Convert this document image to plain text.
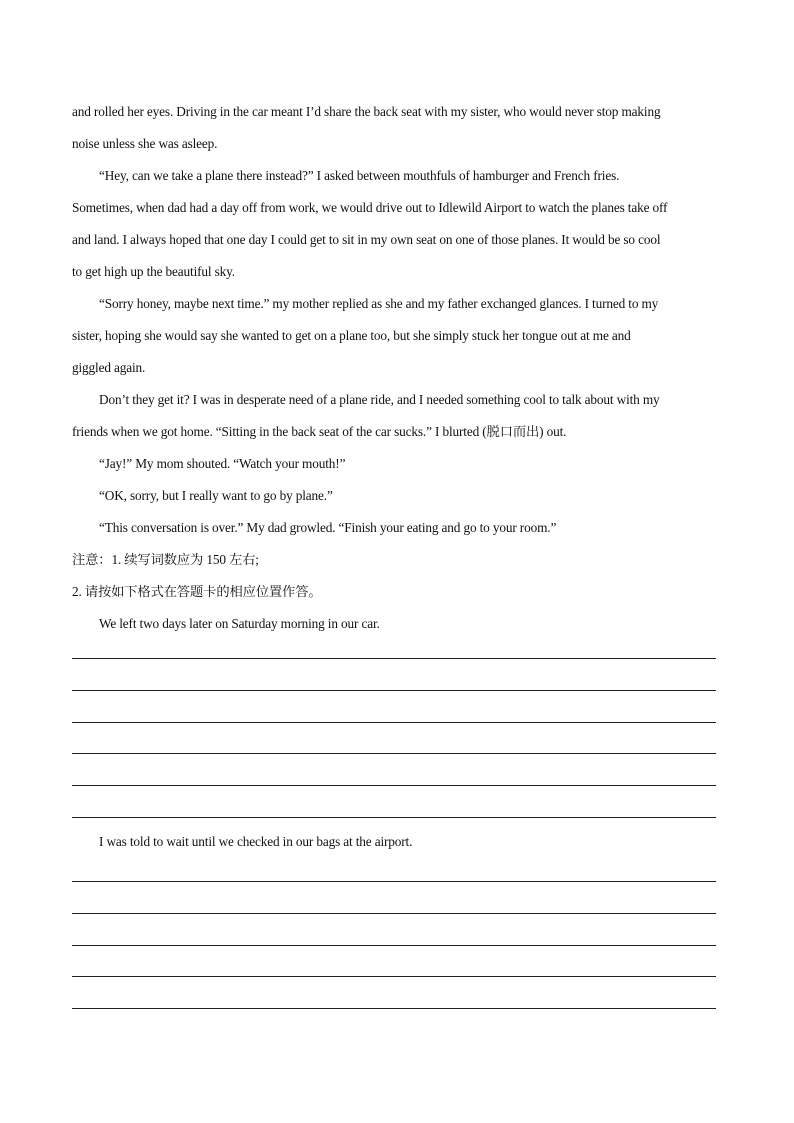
and rolled her eyes. Driving in the car meant I’d share the back seat with my sister, who would never stop making
noise unless she was asleep.
“Hey, can we take a plane there instead?” I asked between mouthfuls of hamburger and French fries.
Sometimes, when dad had a day off from work, we would drive out to Idlewild Airport to watch the planes take off
and land. I always hoped that one day I could get to sit in my own seat on one of those planes. It would be so cool
to get high up the beautiful sky.
“Sorry honey, maybe next time.” my mother replied as she and my father exchanged glances. I turned to my
sister, hoping she would say she wanted to get on a plane too, but she simply stuck her tongue out at me and
giggled again.
Don’t they get it? I was in desperate need of a plane ride, and I needed something cool to talk about with my
friends when we got home. “Sitting in the back seat of the car sucks.” I blurted (脱口而出) out.
“Jay!” My mom shouted. “Watch your mouth!”
“OK, sorry, but I really want to go by plane.”
“This conversation is over.” My dad growled. “Finish your eating and go to your room.”
注意：1. 续写词数应为 150 左右;
2. 请按如下格式在答题卡的相应位置作答。
We left two days later on Saturday morning in our car.
I was told to wait until we checked in our bags at the airport.
